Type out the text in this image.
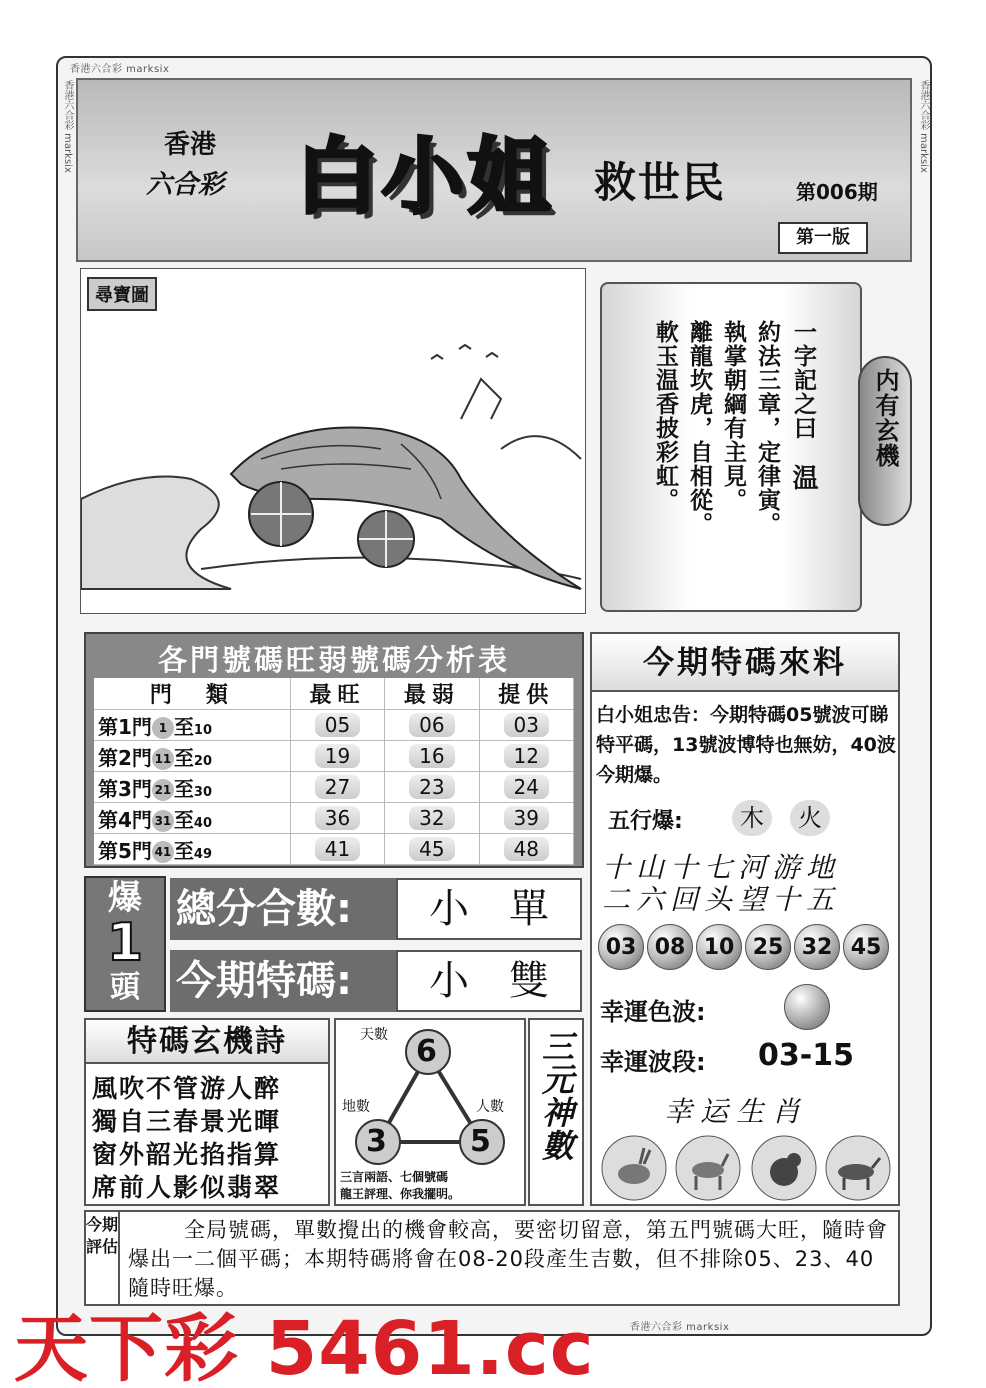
香港六合彩 marksix
香港六合彩 marksix	香港六合彩 marksix
香港六合彩 marksix
香港
六合彩 白小姐 救世民	第006期
第一版
尋寶圖
一字記之曰
温
約法三章，定律寅。
執掌朝綱有主見。
離龍坎虎，自相從。
軟玉温香披彩虹。	内有玄機
各門號碼旺弱號碼分析表
門　類	最旺	最弱	提供
第1門 1 至10	05	06	03
第2門 11 至20	19	16	12
第3門 21 至30	27	23	24
第4門 31 至40	36	32	39
第5門 41 至49	41	45	48
今期特碼來料
白小姐忠告：今期特碼05號波可睇特平碼，13號波博特也無妨，40波今期爆。
五行爆:	木	火
十山十七河游地
二六回头望十五
03 08 10 25 32 45
幸運色波:
幸運波段: 03-15
幸运生肖
爆
1
頭
總分合數:	小　單
今期特碼:	小　雙
特碼玄機詩
風吹不管游人醉
獨自三春景光暉
窗外韶光掐指算
席前人影似翡翠
天數 6
地數
3
人數
5
三言兩語、七個號碼
龍王評理、你我擺明。
三元神數
今期評估
全局號碼，單數攪出的機會較高，要密切留意，第五門號碼大旺，隨時會爆出一二個平碼；本期特碼將會在08-20段產生吉數，但不排除05、23、40隨時旺爆。
天下彩 5461.cc
